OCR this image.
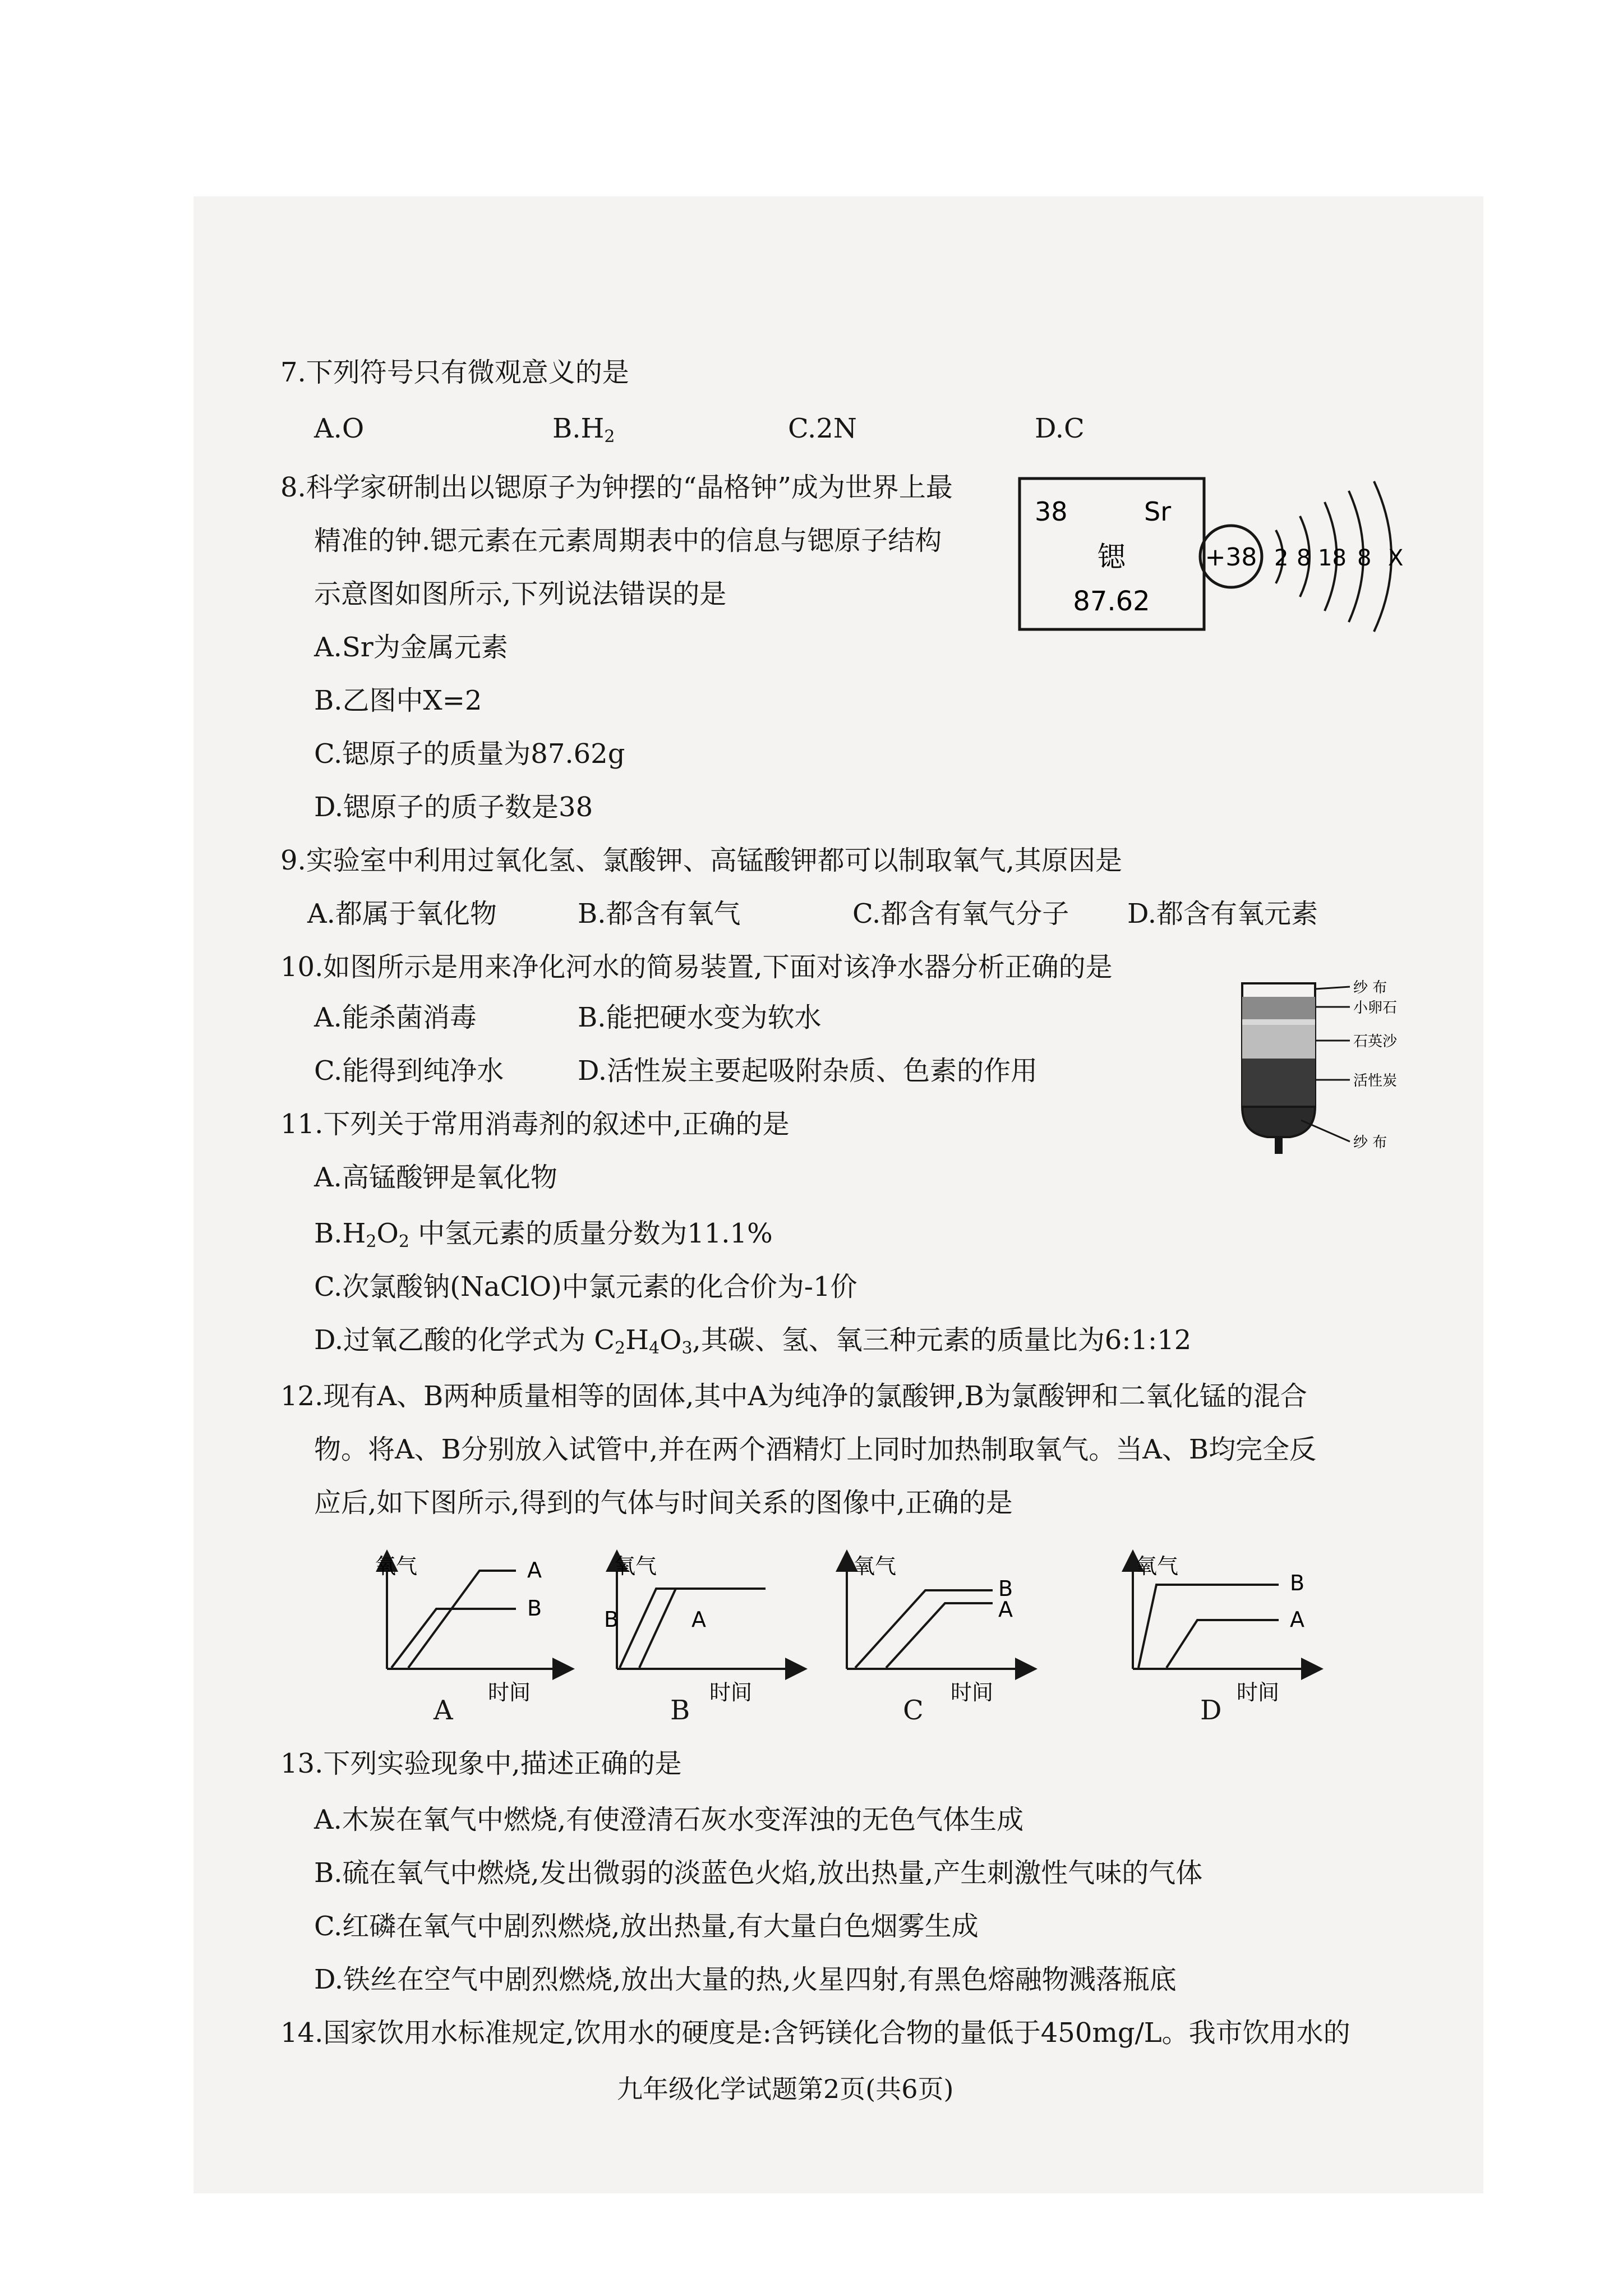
7.下列符号只有微观意义的是
A.O	$B.H_2$	C.2N	D.C
8.科学家研制出以锶原子为钟摆的“晶格钟”成为世界上最
精准的钟.锶元素在元素周期表中的信息与锶原子结构
示意图如图所示,下列说法错误的是
A.Sr为金属元素
B.乙图中X=2
C.锶原子的质量为87.62g
D.锶原子的质子数是38
38	Sr
锶
87.62
+38 2 8 18 8 X
9.实验室中利用过氧化氢、氯酸钾、高锰酸钾都可以制取氧气,其原因是
A.都属于氧化物	B.都含有氧气	C.都含有氧气分子 D.都含有氧元素
10.如图所示是用来净化河水的简易装置,下面对该净水器分析正确的是
A.能杀菌消毒	B.能把硬水变为软水
C.能得到纯净水	D.活性炭主要起吸附杂质、色素的作用
纱 布
小卵石
石英沙
活性炭
纱 布
11.下列关于常用消毒剂的叙述中,正确的是
A.高锰酸钾是氧化物
$B.H_2O_2$ 中氢元素的质量分数为11.1%
C.次氯酸钠(NaClO)中氯元素的化合价为-1价
D.过氧乙酸的化学式为 $C_2H_4O_3$,其碳、氢、氧三种元素的质量比为6:1:12
12.现有A、B两种质量相等的固体,其中A为纯净的氯酸钾,B为氯酸钾和二氧化锰的混合
物。将A、B分别放入试管中,并在两个酒精灯上同时加热制取氧气。当A、B均完全反
应后,如下图所示,得到的气体与时间关系的图像中,正确的是
氧气	A
B
时间
A
氧气
B	A
时间
B
氧气
B
A
时间
C
氧气
B
A
时间
D
13.下列实验现象中,描述正确的是
A.木炭在氧气中燃烧,有使澄清石灰水变浑浊的无色气体生成
B.硫在氧气中燃烧,发出微弱的淡蓝色火焰,放出热量,产生刺激性气味的气体
C.红磷在氧气中剧烈燃烧,放出热量,有大量白色烟雾生成
D.铁丝在空气中剧烈燃烧,放出大量的热,火星四射,有黑色熔融物溅落瓶底
14.国家饮用水标准规定,饮用水的硬度是:含钙镁化合物的量低于450mg/L。我市饮用水的
九年级化学试题第2页(共6页)
